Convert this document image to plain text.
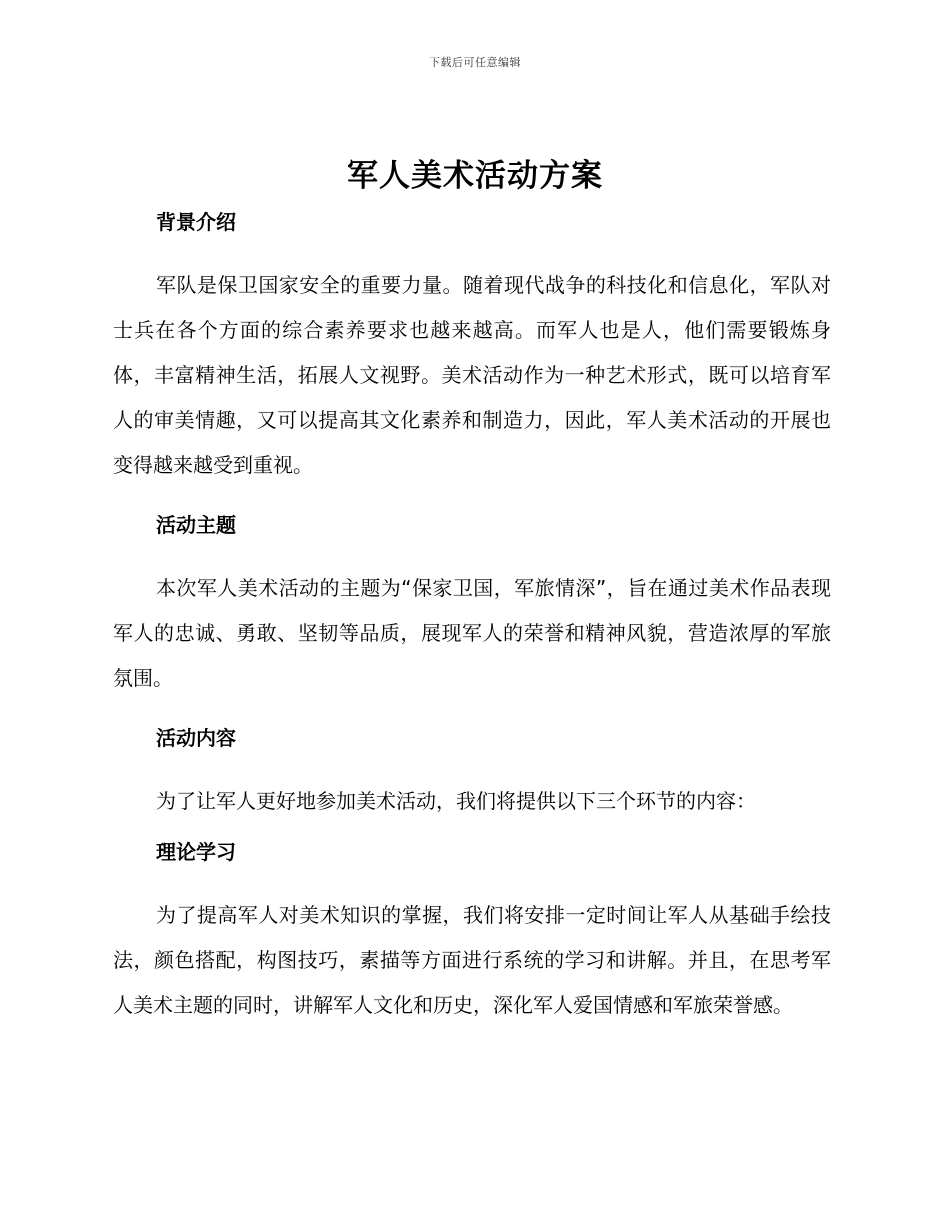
下载后可任意编辑
军人美术活动方案
背景介绍

军队是保卫国家安全的重要力量。随着现代战争的科技化和信息化，军队对士兵在各个方面的综合素养要求也越来越高。而军人也是人，他们需要锻炼身体，丰富精神生活，拓展人文视野。美术活动作为一种艺术形式，既可以培育军人的审美情趣，又可以提高其文化素养和制造力，因此，军人美术活动的开展也变得越来越受到重视。

活动主题

本次军人美术活动的主题为“保家卫国，军旅情深”，旨在通过美术作品表现军人的忠诚、勇敢、坚韧等品质，展现军人的荣誉和精神风貌，营造浓厚的军旅氛围。

活动内容

为了让军人更好地参加美术活动，我们将提供以下三个环节的内容：

理论学习

为了提高军人对美术知识的掌握，我们将安排一定时间让军人从基础手绘技法，颜色搭配，构图技巧，素描等方面进行系统的学习和讲解。并且，在思考军人美术主题的同时，讲解军人文化和历史，深化军人爱国情感和军旅荣誉感。
